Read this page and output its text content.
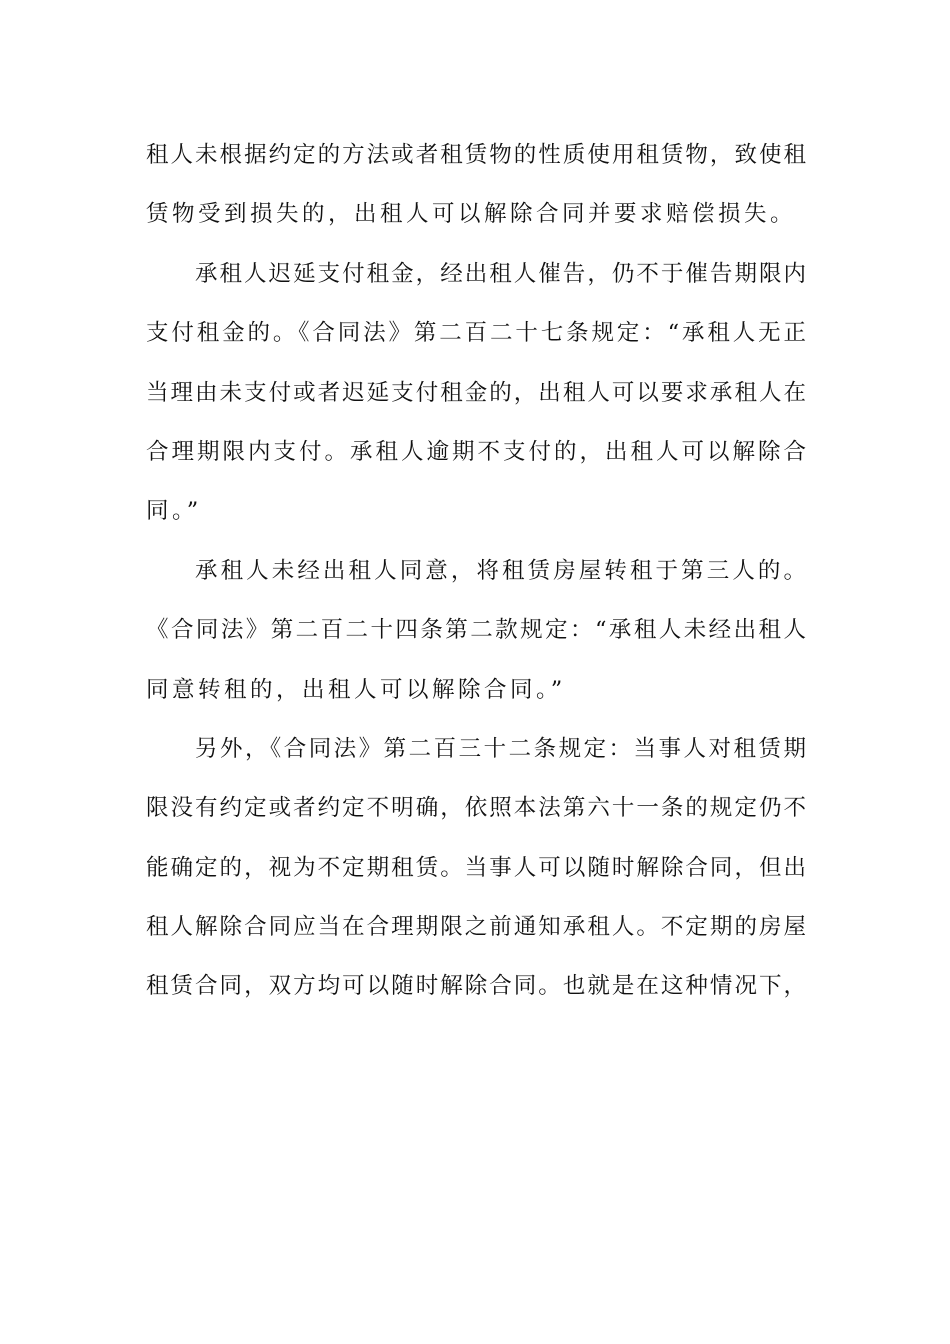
租人未根据约定的方法或者租赁物的性质使用租赁物，致使租
赁物受到损失的，出租人可以解除合同并要求赔偿损失。
承租人迟延支付租金，经出租人催告，仍不于催告期限内
支付租金的。《合同法》第二百二十七条规定：“承租人无正
当理由未支付或者迟延支付租金的，出租人可以要求承租人在
合理期限内支付。承租人逾期不支付的，出租人可以解除合
同。”
承租人未经出租人同意，将租赁房屋转租于第三人的。
《合同法》第二百二十四条第二款规定：“承租人未经出租人
同意转租的，出租人可以解除合同。”
另外，《合同法》第二百三十二条规定：当事人对租赁期
限没有约定或者约定不明确，依照本法第六十一条的规定仍不
能确定的，视为不定期租赁。当事人可以随时解除合同，但出
租人解除合同应当在合理期限之前通知承租人。不定期的房屋
租赁合同，双方均可以随时解除合同。也就是在这种情况下，
